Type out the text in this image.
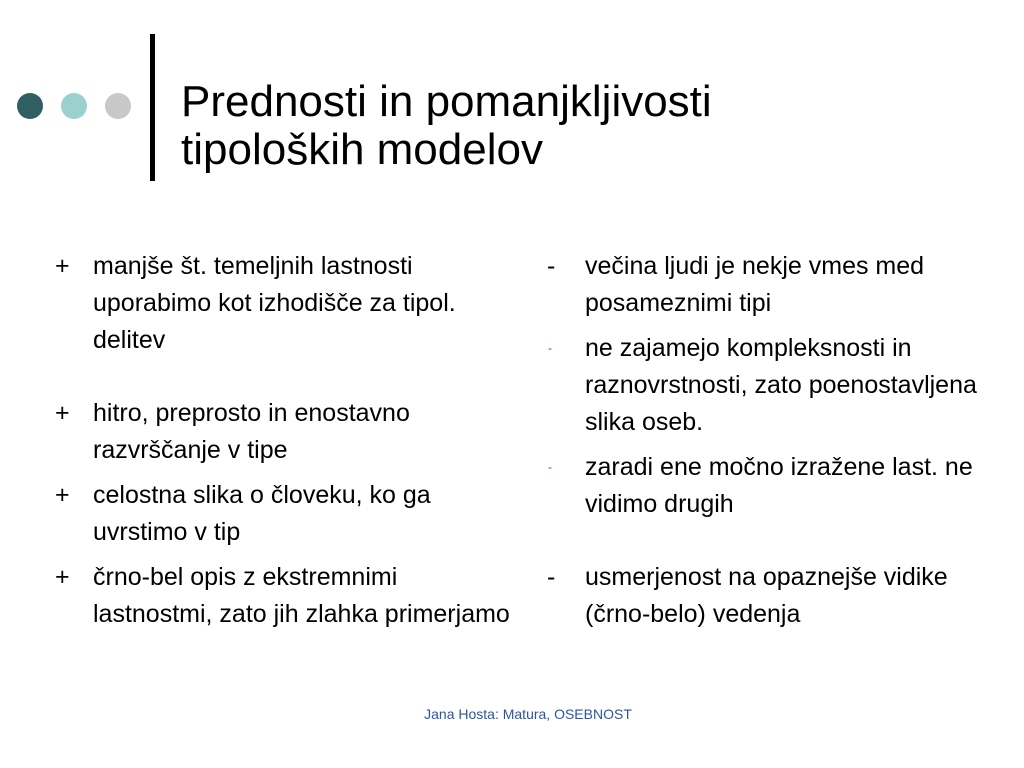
Prednosti in pomanjkljivosti
tipoloških modelov
+ manjše št. temeljnih lastnosti uporabimo kot izhodišče za tipol. delitev
+ hitro, preprosto in enostavno razvrščanje v tipe
+ celostna slika o človeku, ko ga uvrstimo v tip
+ črno-bel opis z ekstremnimi lastnostmi, zato jih zlahka primerjamo
- večina ljudi je nekje vmes med posameznimi tipi
- ne zajamejo kompleksnosti in raznovrstnosti, zato poenostavljena slika oseb.
- zaradi ene močno izražene last. ne vidimo drugih
- usmerjenost na opaznejše vidike (črno-belo) vedenja
Jana Hosta: Matura, OSEBNOST
